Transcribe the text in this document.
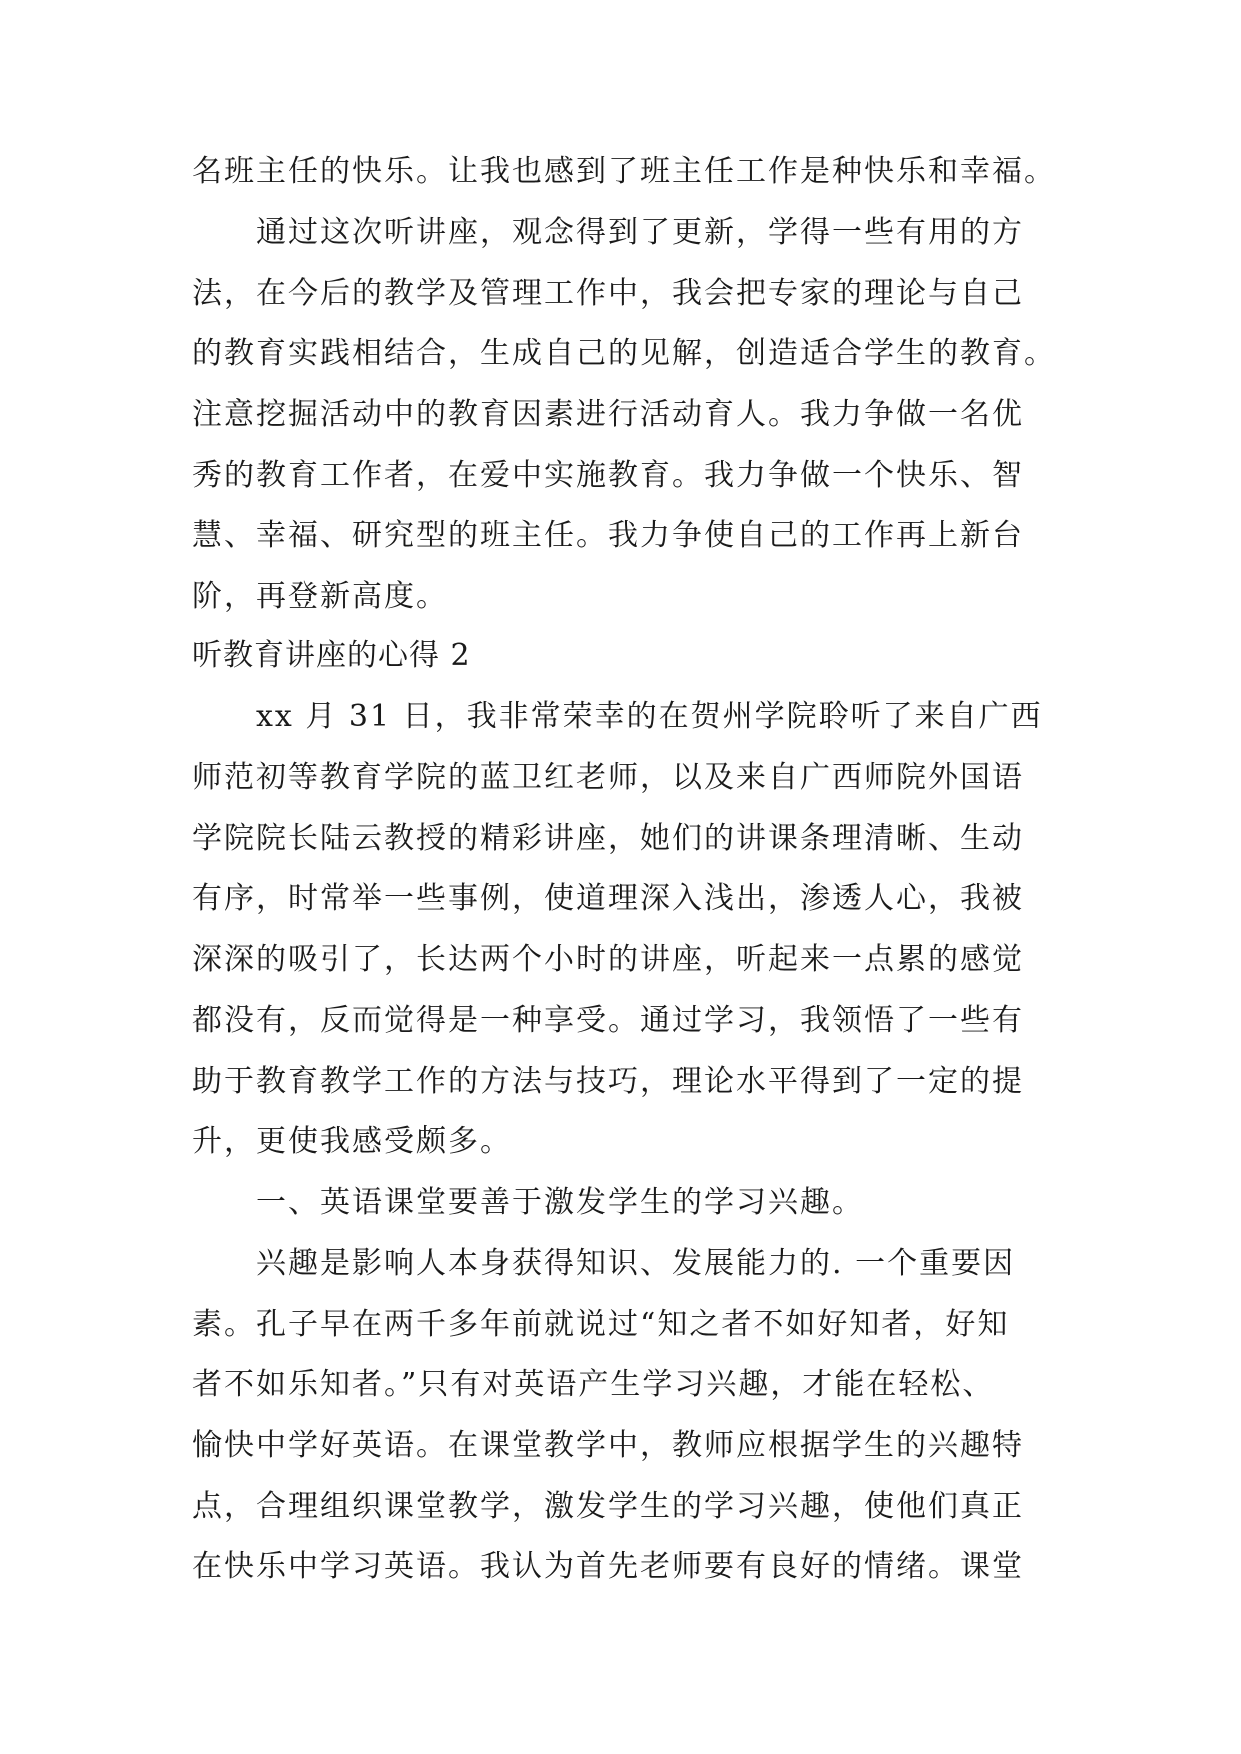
名班主任的快乐。让我也感到了班主任工作是种快乐和幸福。
通过这次听讲座，观念得到了更新，学得一些有用的方
法，在今后的教学及管理工作中，我会把专家的理论与自己
的教育实践相结合，生成自己的见解，创造适合学生的教育。
注意挖掘活动中的教育因素进行活动育人。我力争做一名优
秀的教育工作者，在爱中实施教育。我力争做一个快乐、智
慧、幸福、研究型的班主任。我力争使自己的工作再上新台
阶，再登新高度。
听教育讲座的心得 2
xx 月 31 日，我非常荣幸的在贺州学院聆听了来自广西
师范初等教育学院的蓝卫红老师，以及来自广西师院外国语
学院院长陆云教授的精彩讲座，她们的讲课条理清晰、生动
有序，时常举一些事例，使道理深入浅出，渗透人心，我被
深深的吸引了，长达两个小时的讲座，听起来一点累的感觉
都没有，反而觉得是一种享受。通过学习，我领悟了一些有
助于教育教学工作的方法与技巧，理论水平得到了一定的提
升，更使我感受颇多。
一、英语课堂要善于激发学生的学习兴趣。
兴趣是影响人本身获得知识、发展能力的. 一个重要因
素。孔子早在两千多年前就说过“知之者不如好知者，好知
者不如乐知者。”只有对英语产生学习兴趣，才能在轻松、
愉快中学好英语。在课堂教学中，教师应根据学生的兴趣特
点，合理组织课堂教学，激发学生的学习兴趣，使他们真正
在快乐中学习英语。我认为首先老师要有良好的情绪。课堂
